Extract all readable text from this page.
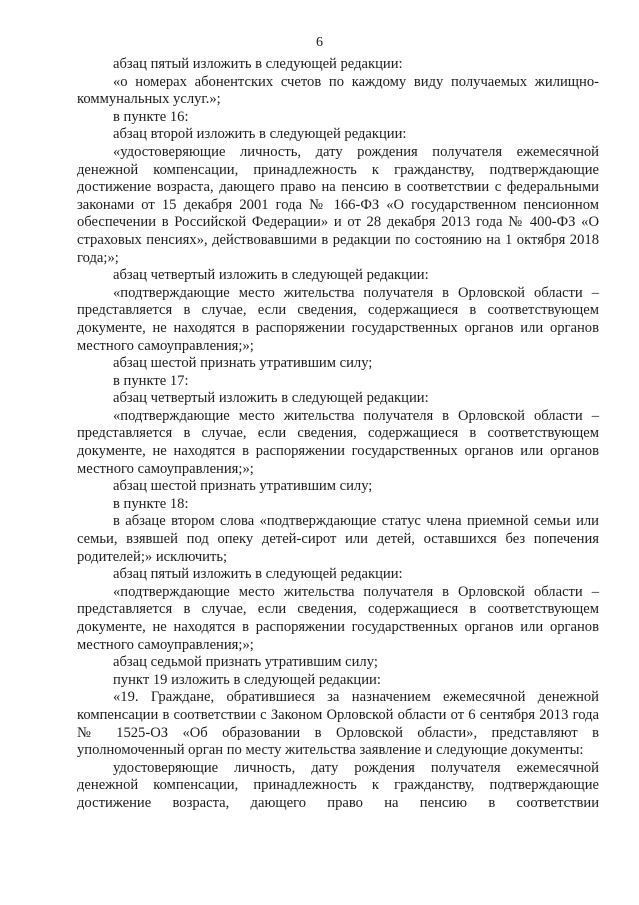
6

абзац пятый изложить в следующей редакции:

«о номерах абонентских счетов по каждому виду получаемых жилищно-коммунальных услуг.»;

в пункте 16:

абзац второй изложить в следующей редакции:

«удостоверяющие личность, дату рождения получателя ежемесячной денежной компенсации, принадлежность к гражданству, подтверждающие достижение возраста, дающего право на пенсию в соответствии с федеральными законами от 15 декабря 2001 года № 166-ФЗ «О государственном пенсионном обеспечении в Российской Федерации» и от 28 декабря 2013 года № 400-ФЗ «О страховых пенсиях», действовавшими в редакции по состоянию на 1 октября 2018 года;»;

абзац четвертый изложить в следующей редакции:

«подтверждающие место жительства получателя в Орловской области – представляется в случае, если сведения, содержащиеся в соответствующем документе, не находятся в распоряжении государственных органов или органов местного самоуправления;»;

абзац шестой признать утратившим силу;

в пункте 17:

абзац четвертый изложить в следующей редакции:

«подтверждающие место жительства получателя в Орловской области – представляется в случае, если сведения, содержащиеся в соответствующем документе, не находятся в распоряжении государственных органов или органов местного самоуправления;»;

абзац шестой признать утратившим силу;

в пункте 18:

в абзаце втором слова «подтверждающие статус члена приемной семьи или семьи, взявшей под опеку детей-сирот или детей, оставшихся без попечения родителей;» исключить;

абзац пятый изложить в следующей редакции:

«подтверждающие место жительства получателя в Орловской области – представляется в случае, если сведения, содержащиеся в соответствующем документе, не находятся в распоряжении государственных органов или органов местного самоуправления;»;

абзац седьмой признать утратившим силу;

пункт 19 изложить в следующей редакции:

«19. Граждане, обратившиеся за назначением ежемесячной денежной компенсации в соответствии с Законом Орловской области от 6 сентября 2013 года № 1525-ОЗ «Об образовании в Орловской области», представляют в уполномоченный орган по месту жительства заявление и следующие документы:

удостоверяющие личность, дату рождения получателя ежемесячной денежной компенсации, принадлежность к гражданству, подтверждающие достижение возраста, дающего право на пенсию в соответствии
